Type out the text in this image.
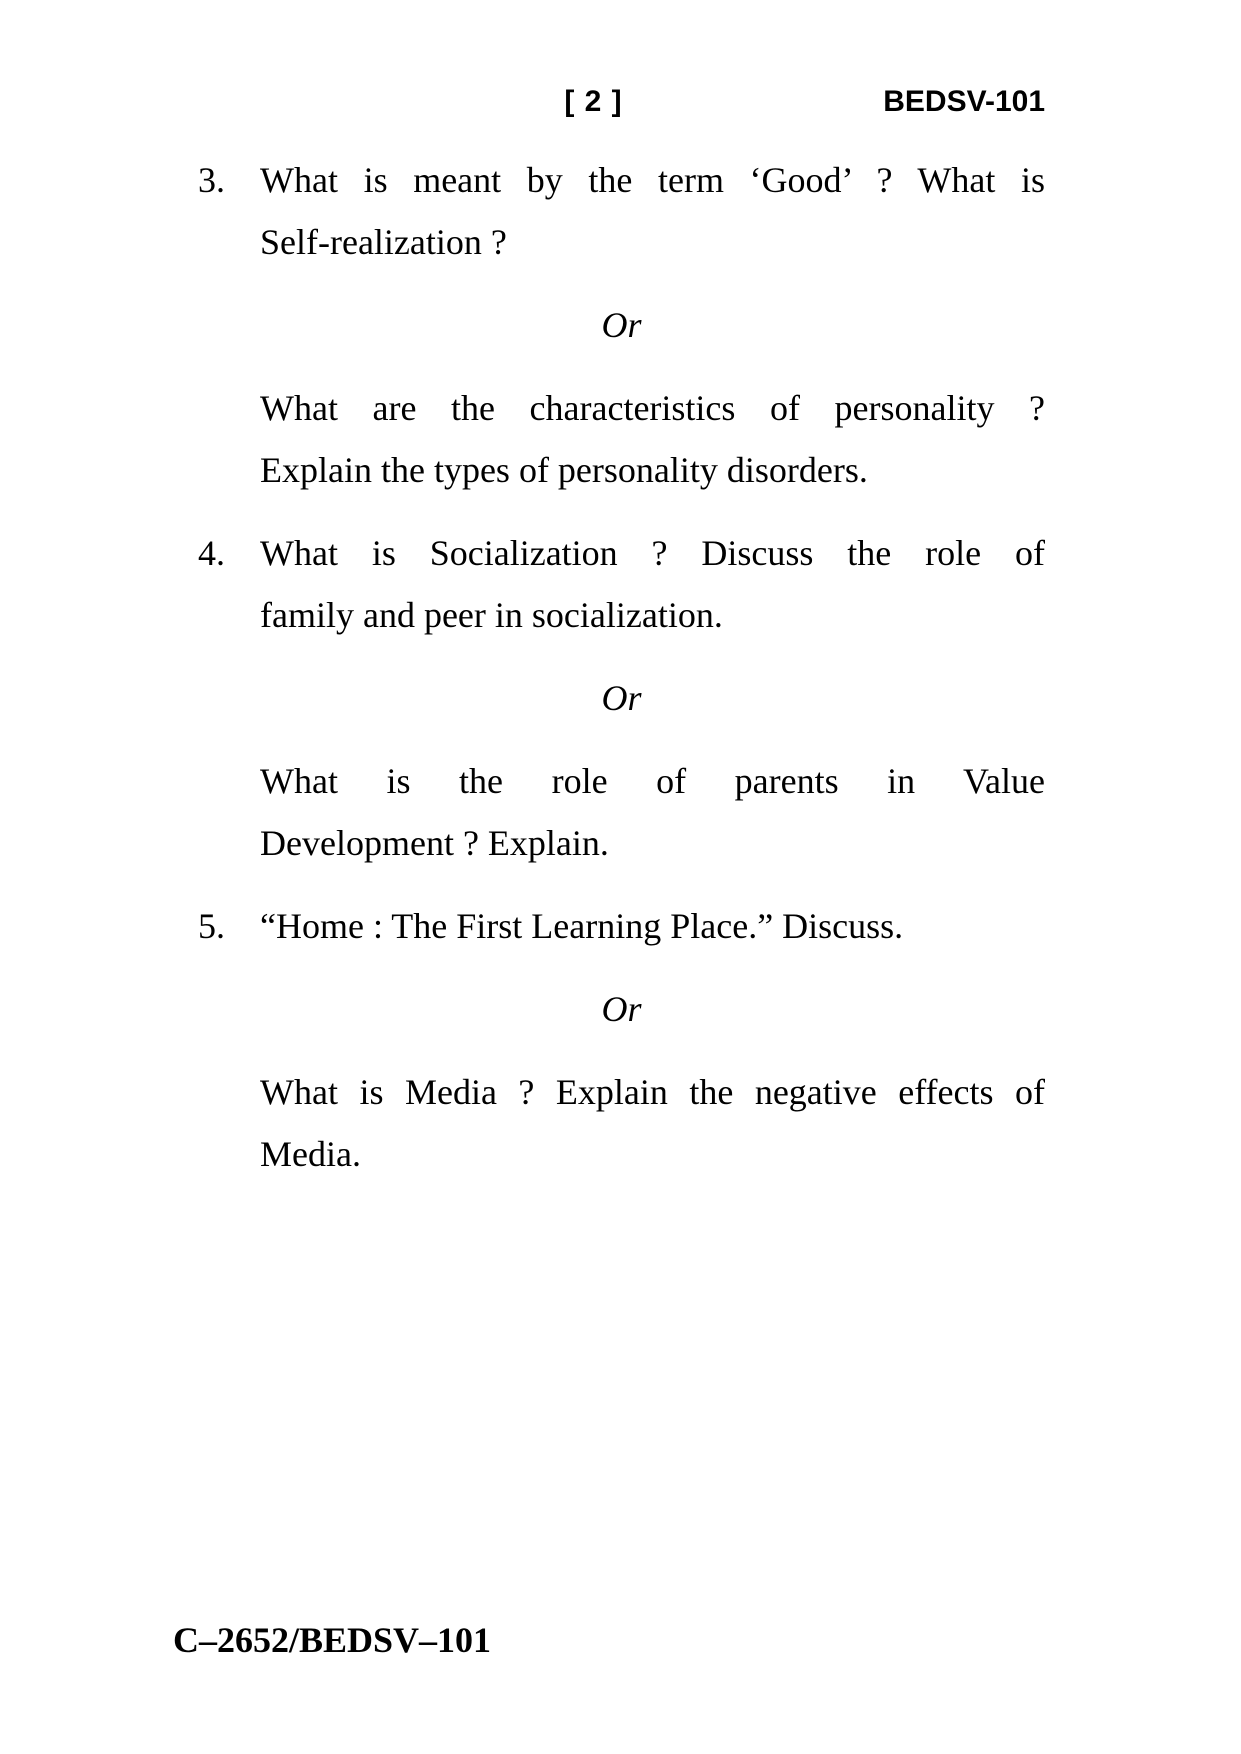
[ 2 ]	BEDSV-101
3. What is meant by the term ‘Good’ ? What is
Self-realization ?
Or
What are the characteristics of personality ?
Explain the types of personality disorders.
4. What is Socialization ? Discuss the role of
family and peer in socialization.
Or
What is the role of parents in Value
Development ? Explain.
5. “Home : The First Learning Place.” Discuss.
Or
What is Media ? Explain the negative effects of
Media.
C–2652/BEDSV–101
